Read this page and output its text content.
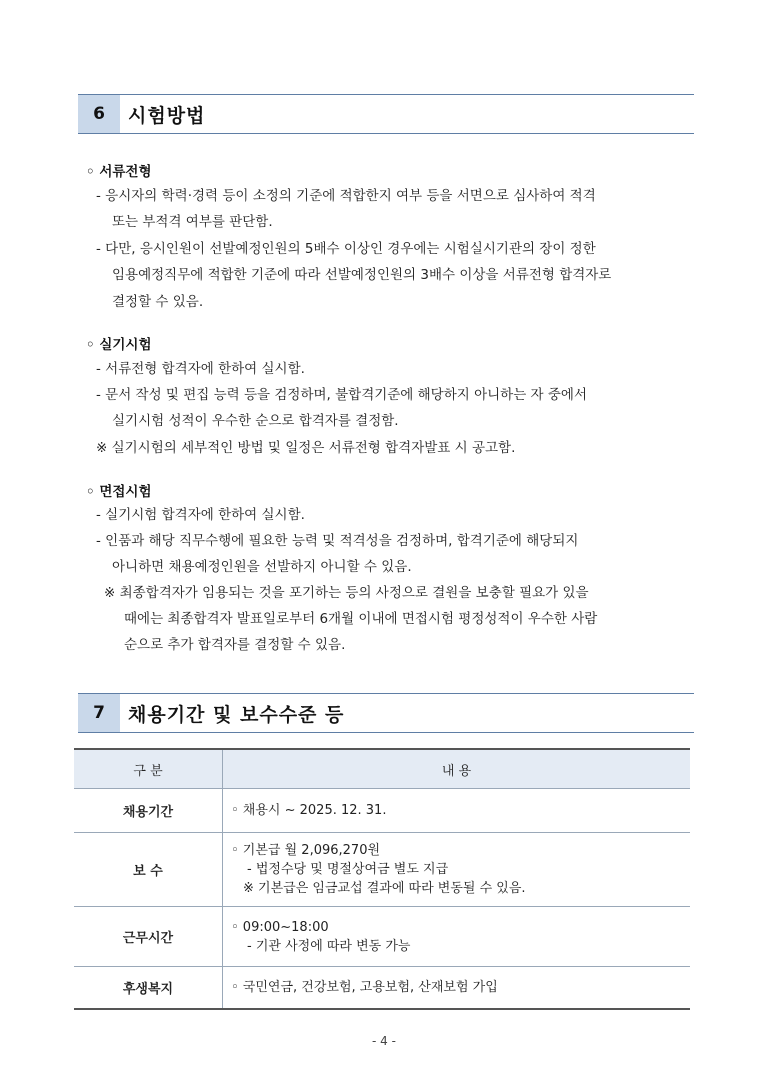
6	시험방법
◦ 서류전형
- 응시자의 학력·경력 등이 소정의 기준에 적합한지 여부 등을 서면으로 심사하여 적격
또는 부적격 여부를 판단함.
- 다만, 응시인원이 선발예정인원의 5배수 이상인 경우에는 시험실시기관의 장이 정한
임용예정직무에 적합한 기준에 따라 선발예정인원의 3배수 이상을 서류전형 합격자로
결정할 수 있음.
◦ 실기시험
- 서류전형 합격자에 한하여 실시함.
- 문서 작성 및 편집 능력 등을 검정하며, 불합격기준에 해당하지 아니하는 자 중에서
실기시험 성적이 우수한 순으로 합격자를 결정함.
※ 실기시험의 세부적인 방법 및 일정은 서류전형 합격자발표 시 공고함.
◦ 면접시험
- 실기시험 합격자에 한하여 실시함.
- 인품과 해당 직무수행에 필요한 능력 및 적격성을 검정하며, 합격기준에 해당되지
아니하면 채용예정인원을 선발하지 아니할 수 있음.
※ 최종합격자가 임용되는 것을 포기하는 등의 사정으로 결원을 보충할 필요가 있을
때에는 최종합격자 발표일로부터 6개월 이내에 면접시험 평정성적이 우수한 사람
순으로 추가 합격자를 결정할 수 있음.
7	채용기간 및 보수수준 등
구 분	내 용
채용기간	◦ 채용시 ~ 2025. 12. 31.

보 수	◦ 기본급 월 2,096,270원
- 법정수당 및 명절상여금 별도 지급
※ 기본급은 임금교섭 결과에 따라 변동될 수 있음.

근무시간	◦ 09:00~18:00
- 기관 사정에 따라 변동 가능

후생복지	◦ 국민연금, 건강보험, 고용보험, 산재보험 가입
- 4 -
